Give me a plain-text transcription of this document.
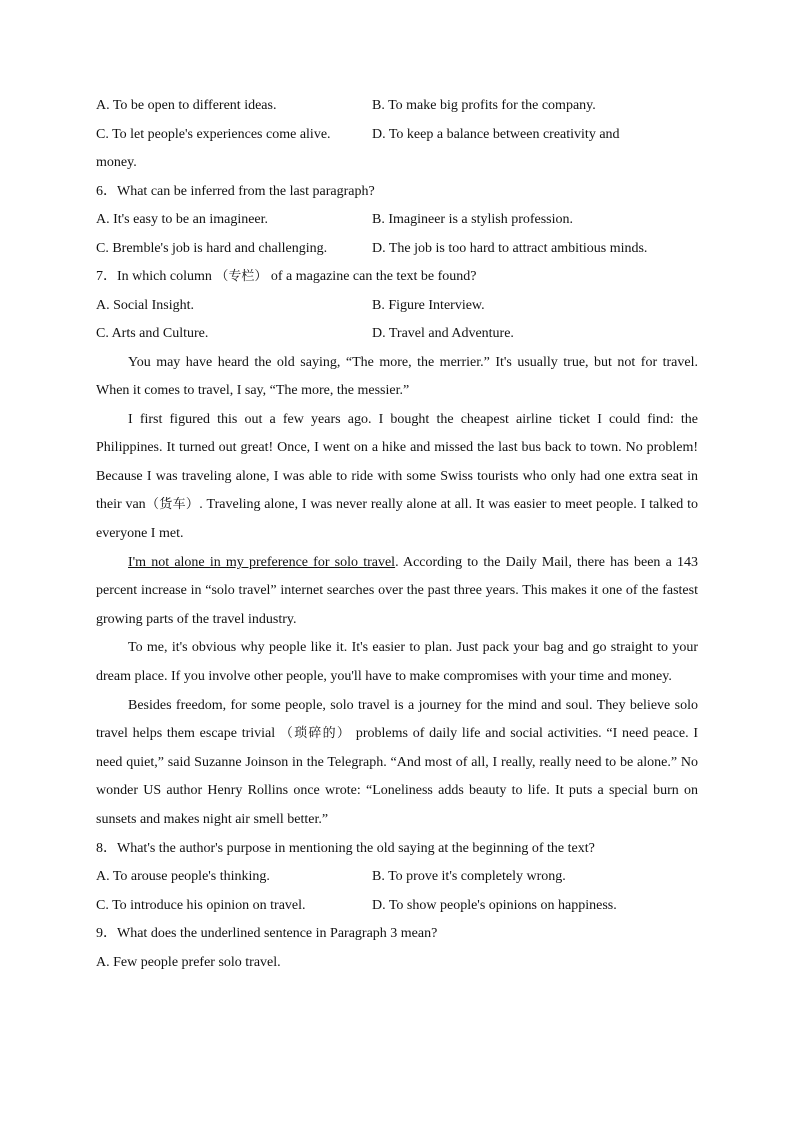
A. To be open to different ideas.	B. To make big profits for the company.
C. To let people's experiences come alive.	D. To keep a balance between creativity and
money.
6．What can be inferred from the last paragraph?
A. It's easy to be an imagineer.	B. Imagineer is a stylish profession.
C. Bremble's job is hard and challenging.	D. The job is too hard to attract ambitious minds.
7．In which column （专栏） of a magazine can the text be found?
A. Social Insight.	B. Figure Interview.
C. Arts and Culture.	D. Travel and Adventure.

You may have heard the old saying, “The more, the merrier.” It's usually true, but not for travel. When it comes to travel, I say, “The more, the messier.”

I first figured this out a few years ago. I bought the cheapest airline ticket I could find: the Philippines. It turned out great! Once, I went on a hike and missed the last bus back to town. No problem! Because I was traveling alone, I was able to ride with some Swiss tourists who only had one extra seat in their van（货车）. Traveling alone, I was never really alone at all. It was easier to meet people. I talked to everyone I met.

I'm not alone in my preference for solo travel. According to the Daily Mail, there has been a 143 percent increase in “solo travel” internet searches over the past three years. This makes it one of the fastest growing parts of the travel industry.

To me, it's obvious why people like it. It's easier to plan. Just pack your bag and go straight to your dream place. If you involve other people, you'll have to make compromises with your time and money.

Besides freedom, for some people, solo travel is a journey for the mind and soul. They believe solo travel helps them escape trivial （琐碎的） problems of daily life and social activities. “I need peace. I need quiet,” said Suzanne Joinson in the Telegraph. “And most of all, I really, really need to be alone.” No wonder US author Henry Rollins once wrote: “Loneliness adds beauty to life. It puts a special burn on sunsets and makes night air smell better.”

8．What's the author's purpose in mentioning the old saying at the beginning of the text?
A. To arouse people's thinking.	B. To prove it's completely wrong.
C. To introduce his opinion on travel.	D. To show people's opinions on happiness.
9．What does the underlined sentence in Paragraph 3 mean?
A. Few people prefer solo travel.
